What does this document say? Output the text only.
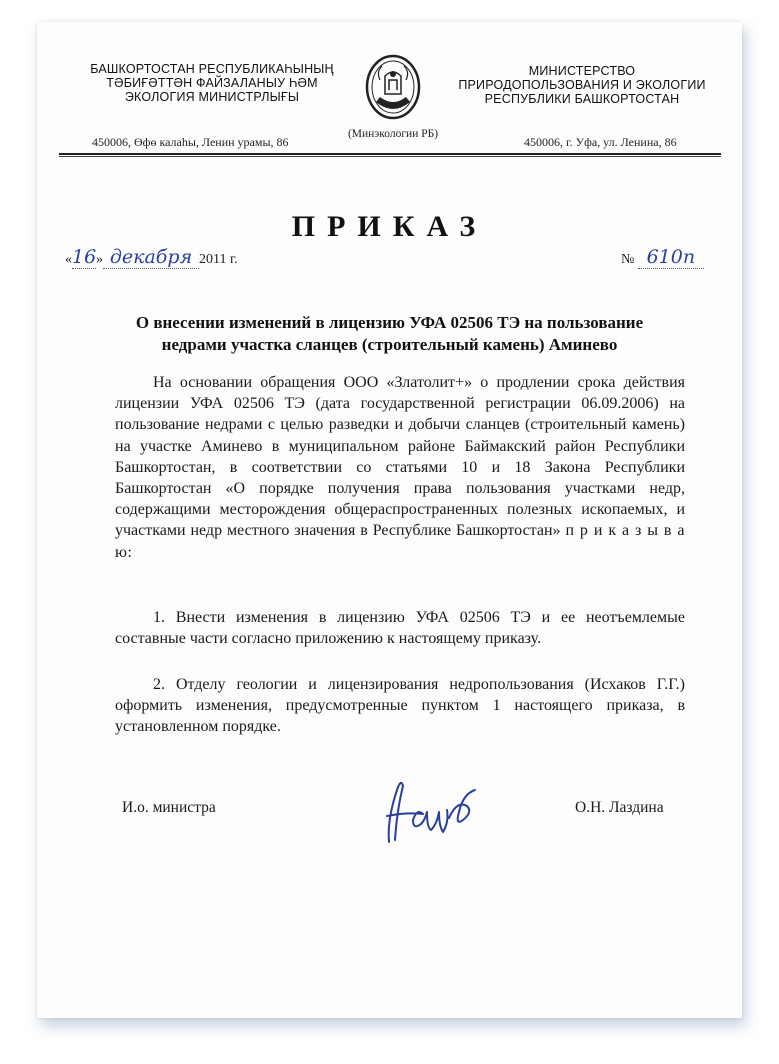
БАШКОРТОСТАН РЕСПУБЛИКАҺЫНЫҢ
ТӘБИҒӘТТӘН ФАЙЗАЛАНЫУ ҺӘМ
ЭКОЛОГИЯ МИНИСТРЛЫҒЫ
(Минэкологии РБ)
МИНИСТЕРСТВО
ПРИРОДОПОЛЬЗОВАНИЯ И ЭКОЛОГИИ
РЕСПУБЛИКИ БАШКОРТОСТАН
450006, Өфө калаһы, Ленин урамы, 86	450006, г. Уфа, ул. Ленина, 86
ПРИКАЗ
«16» декабря 2011 г.	№ 610п
О внесении изменений в лицензию УФА 02506 ТЭ на пользование
недрами участка сланцев (строительный камень) Аминево

На основании обращения ООО «Златолит+» о продлении срока действия лицензии УФА 02506 ТЭ (дата государственной регистрации 06.09.2006) на пользование недрами с целью разведки и добычи сланцев (строительный камень) на участке Аминево в муниципальном районе Баймакский район Республики Башкортостан, в соответствии со статьями 10 и 18 Закона Республики Башкортостан «О порядке получения права пользования участками недр, содержащими месторождения общераспространенных полезных ископаемых, и участками недр местного значения в Республике Башкортостан» п р и к а з ы в а ю:

1. Внести изменения в лицензию УФА 02506 ТЭ и ее неотъемлемые составные части согласно приложению к настоящему приказу.

2. Отделу геологии и лицензирования недропользования (Исхаков Г.Г.) оформить изменения, предусмотренные пунктом 1 настоящего приказа, в установленном порядке.

И.о. министра	О.Н. Лаздина
